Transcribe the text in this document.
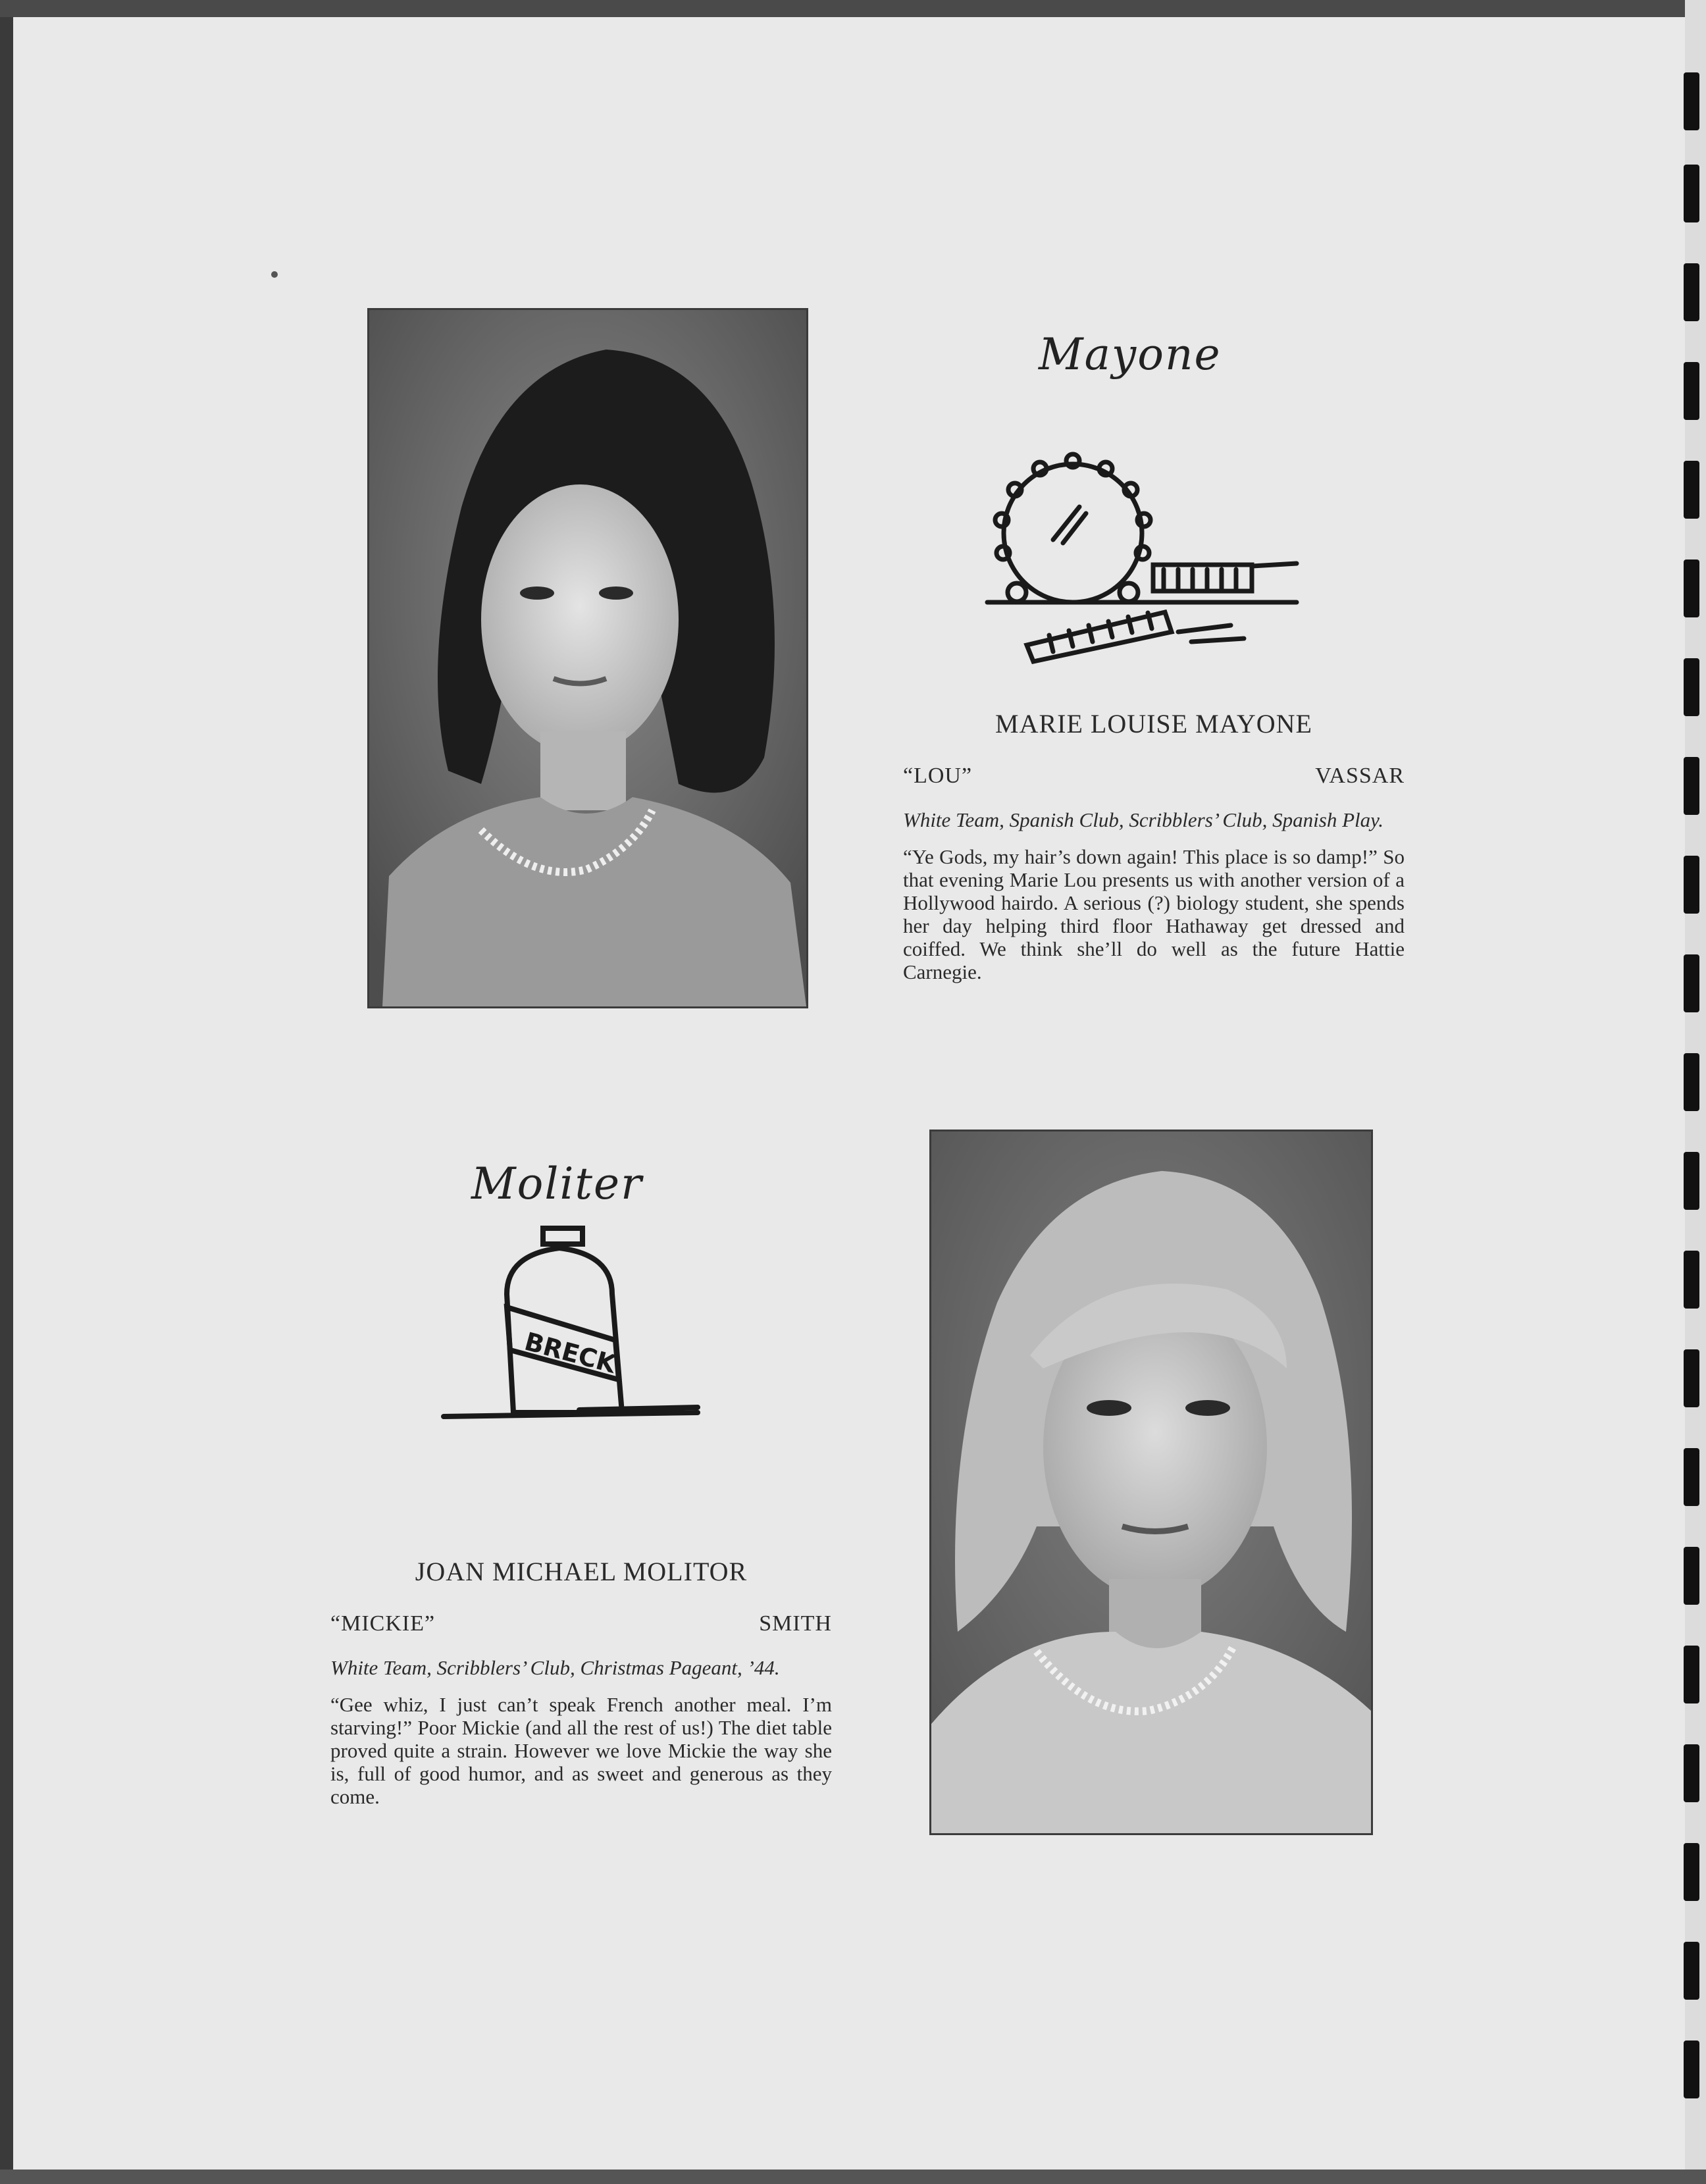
Mayone
MARIE LOUISE MAYONE
“LOU”	VASSAR

White Team, Spanish Club, Scribblers’ Club, Spanish Play.

“Ye Gods, my hair’s down again! This place is so damp!” So that evening Marie Lou presents us with another version of a Hollywood hairdo. A serious (?) biology student, she spends her day helping third floor Hathaway get dressed and coiffed. We think she’ll do well as the future Hattie Carnegie.

Moliter
BRECK
JOAN MICHAEL MOLITOR
“MICKIE”	SMITH

White Team, Scribblers’ Club, Christmas Pageant, ’44.

“Gee whiz, I just can’t speak French another meal. I’m starving!” Poor Mickie (and all the rest of us!) The diet table proved quite a strain. However we love Mickie the way she is, full of good humor, and as sweet and generous as they come.
